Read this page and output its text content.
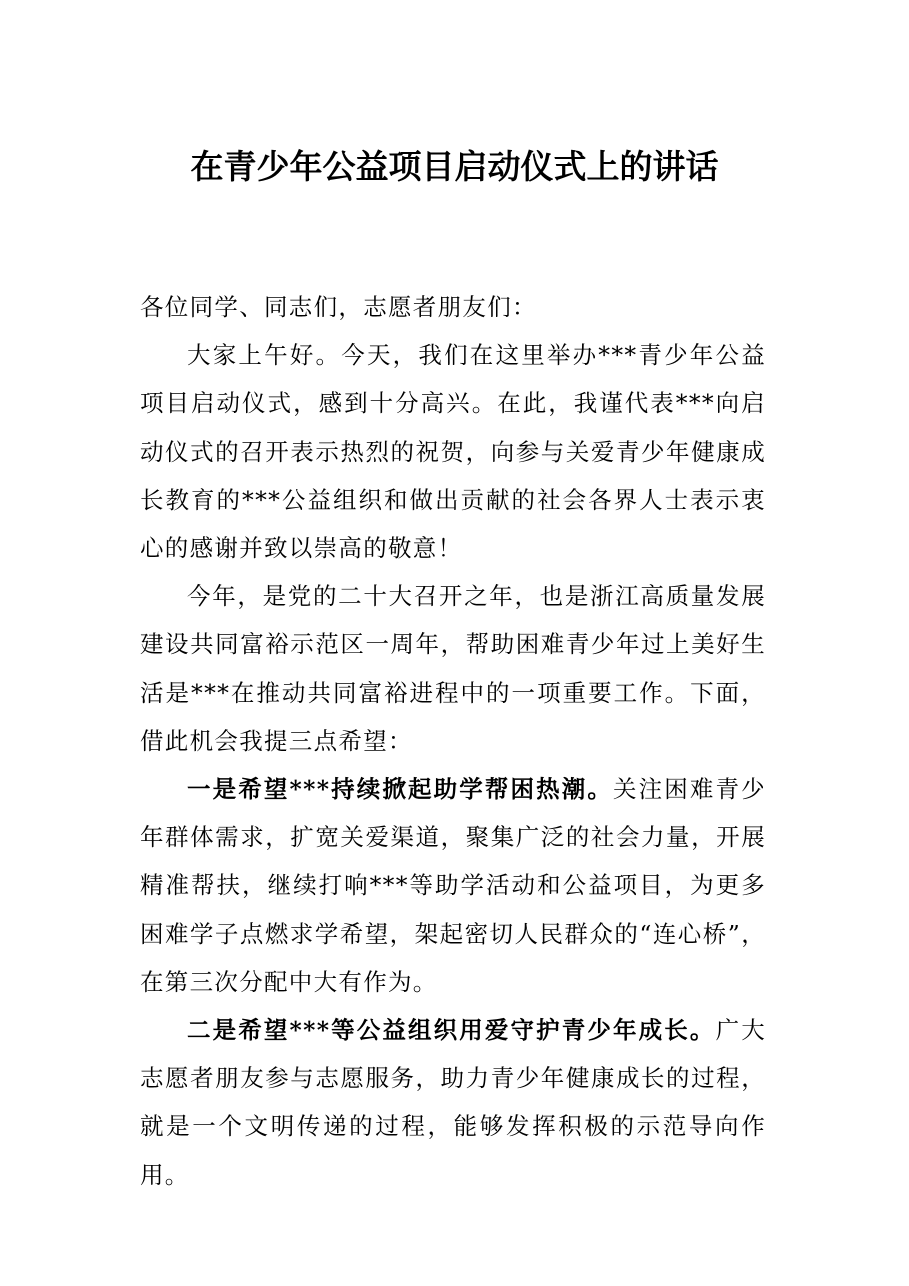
在青少年公益项目启动仪式上的讲话

各位同学、同志们，志愿者朋友们：

大家上午好。今天，我们在这里举办***青少年公益项目启动仪式，感到十分高兴。在此，我谨代表***向启动仪式的召开表示热烈的祝贺，向参与关爱青少年健康成长教育的***公益组织和做出贡献的社会各界人士表示衷心的感谢并致以崇高的敬意！

今年，是党的二十大召开之年，也是浙江高质量发展建设共同富裕示范区一周年，帮助困难青少年过上美好生活是***在推动共同富裕进程中的一项重要工作。下面，借此机会我提三点希望：

一是希望***持续掀起助学帮困热潮。关注困难青少年群体需求，扩宽关爱渠道，聚集广泛的社会力量，开展精准帮扶，继续打响***等助学活动和公益项目，为更多困难学子点燃求学希望，架起密切人民群众的“连心桥”，在第三次分配中大有作为。

二是希望***等公益组织用爱守护青少年成长。广大志愿者朋友参与志愿服务，助力青少年健康成长的过程，就是一个文明传递的过程，能够发挥积极的示范导向作用。
